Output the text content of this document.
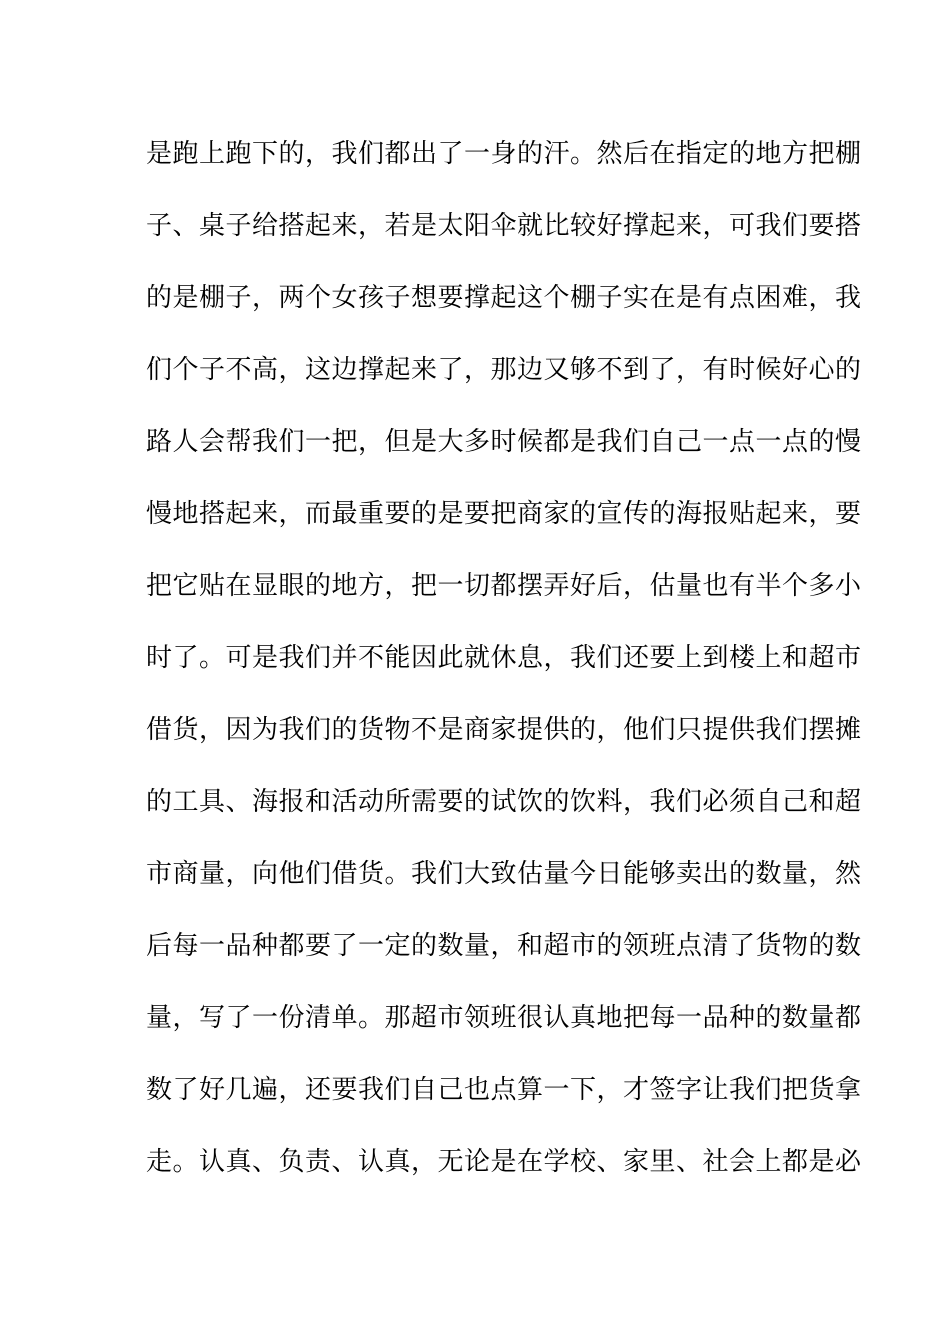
是跑上跑下的，我们都出了一身的汗。然后在指定的地方把棚
子、桌子给搭起来，若是太阳伞就比较好撑起来，可我们要搭
的是棚子，两个女孩子想要撑起这个棚子实在是有点困难，我
们个子不高，这边撑起来了，那边又够不到了，有时候好心的
路人会帮我们一把，但是大多时候都是我们自己一点一点的慢
慢地搭起来，而最重要的是要把商家的宣传的海报贴起来，要
把它贴在显眼的地方，把一切都摆弄好后，估量也有半个多小
时了。可是我们并不能因此就休息，我们还要上到楼上和超市
借货，因为我们的货物不是商家提供的，他们只提供我们摆摊
的工具、海报和活动所需要的试饮的饮料，我们必须自己和超
市商量，向他们借货。我们大致估量今日能够卖出的数量，然
后每一品种都要了一定的数量，和超市的领班点清了货物的数
量，写了一份清单。那超市领班很认真地把每一品种的数量都
数了好几遍，还要我们自己也点算一下，才签字让我们把货拿
走。认真、负责、认真，无论是在学校、家里、社会上都是必
